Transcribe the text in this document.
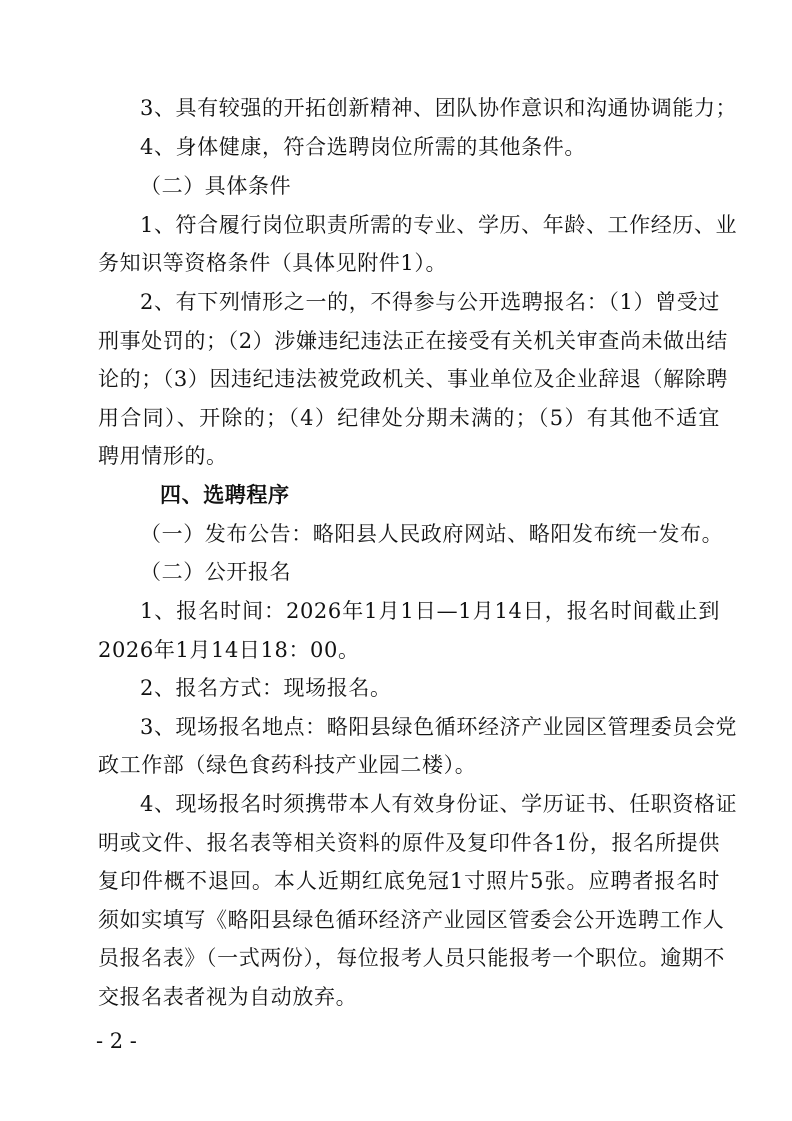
3、具有较强的开拓创新精神、团队协作意识和沟通协调能力；
4、身体健康，符合选聘岗位所需的其他条件。
（二）具体条件
1、符合履行岗位职责所需的专业、学历、年龄、工作经历、业
务知识等资格条件（具体见附件1）。
2、有下列情形之一的，不得参与公开选聘报名：（1）曾受过
刑事处罚的；（2）涉嫌违纪违法正在接受有关机关审查尚未做出结
论的；（3）因违纪违法被党政机关、事业单位及企业辞退（解除聘
用合同）、开除的；（4）纪律处分期未满的；（5）有其他不适宜
聘用情形的。
四、选聘程序
（一）发布公告：略阳县人民政府网站、略阳发布统一发布。
（二）公开报名
1、报名时间：2026年1月1日—1月14日，报名时间截止到
2026年1月14日18：00。
2、报名方式：现场报名。
3、现场报名地点：略阳县绿色循环经济产业园区管理委员会党
政工作部（绿色食药科技产业园二楼）。
4、现场报名时须携带本人有效身份证、学历证书、任职资格证
明或文件、报名表等相关资料的原件及复印件各1份，报名所提供
复印件概不退回。本人近期红底免冠1寸照片5张。应聘者报名时
须如实填写《略阳县绿色循环经济产业园区管委会公开选聘工作人
员报名表》（一式两份），每位报考人员只能报考一个职位。逾期不
交报名表者视为自动放弃。
- 2 -
